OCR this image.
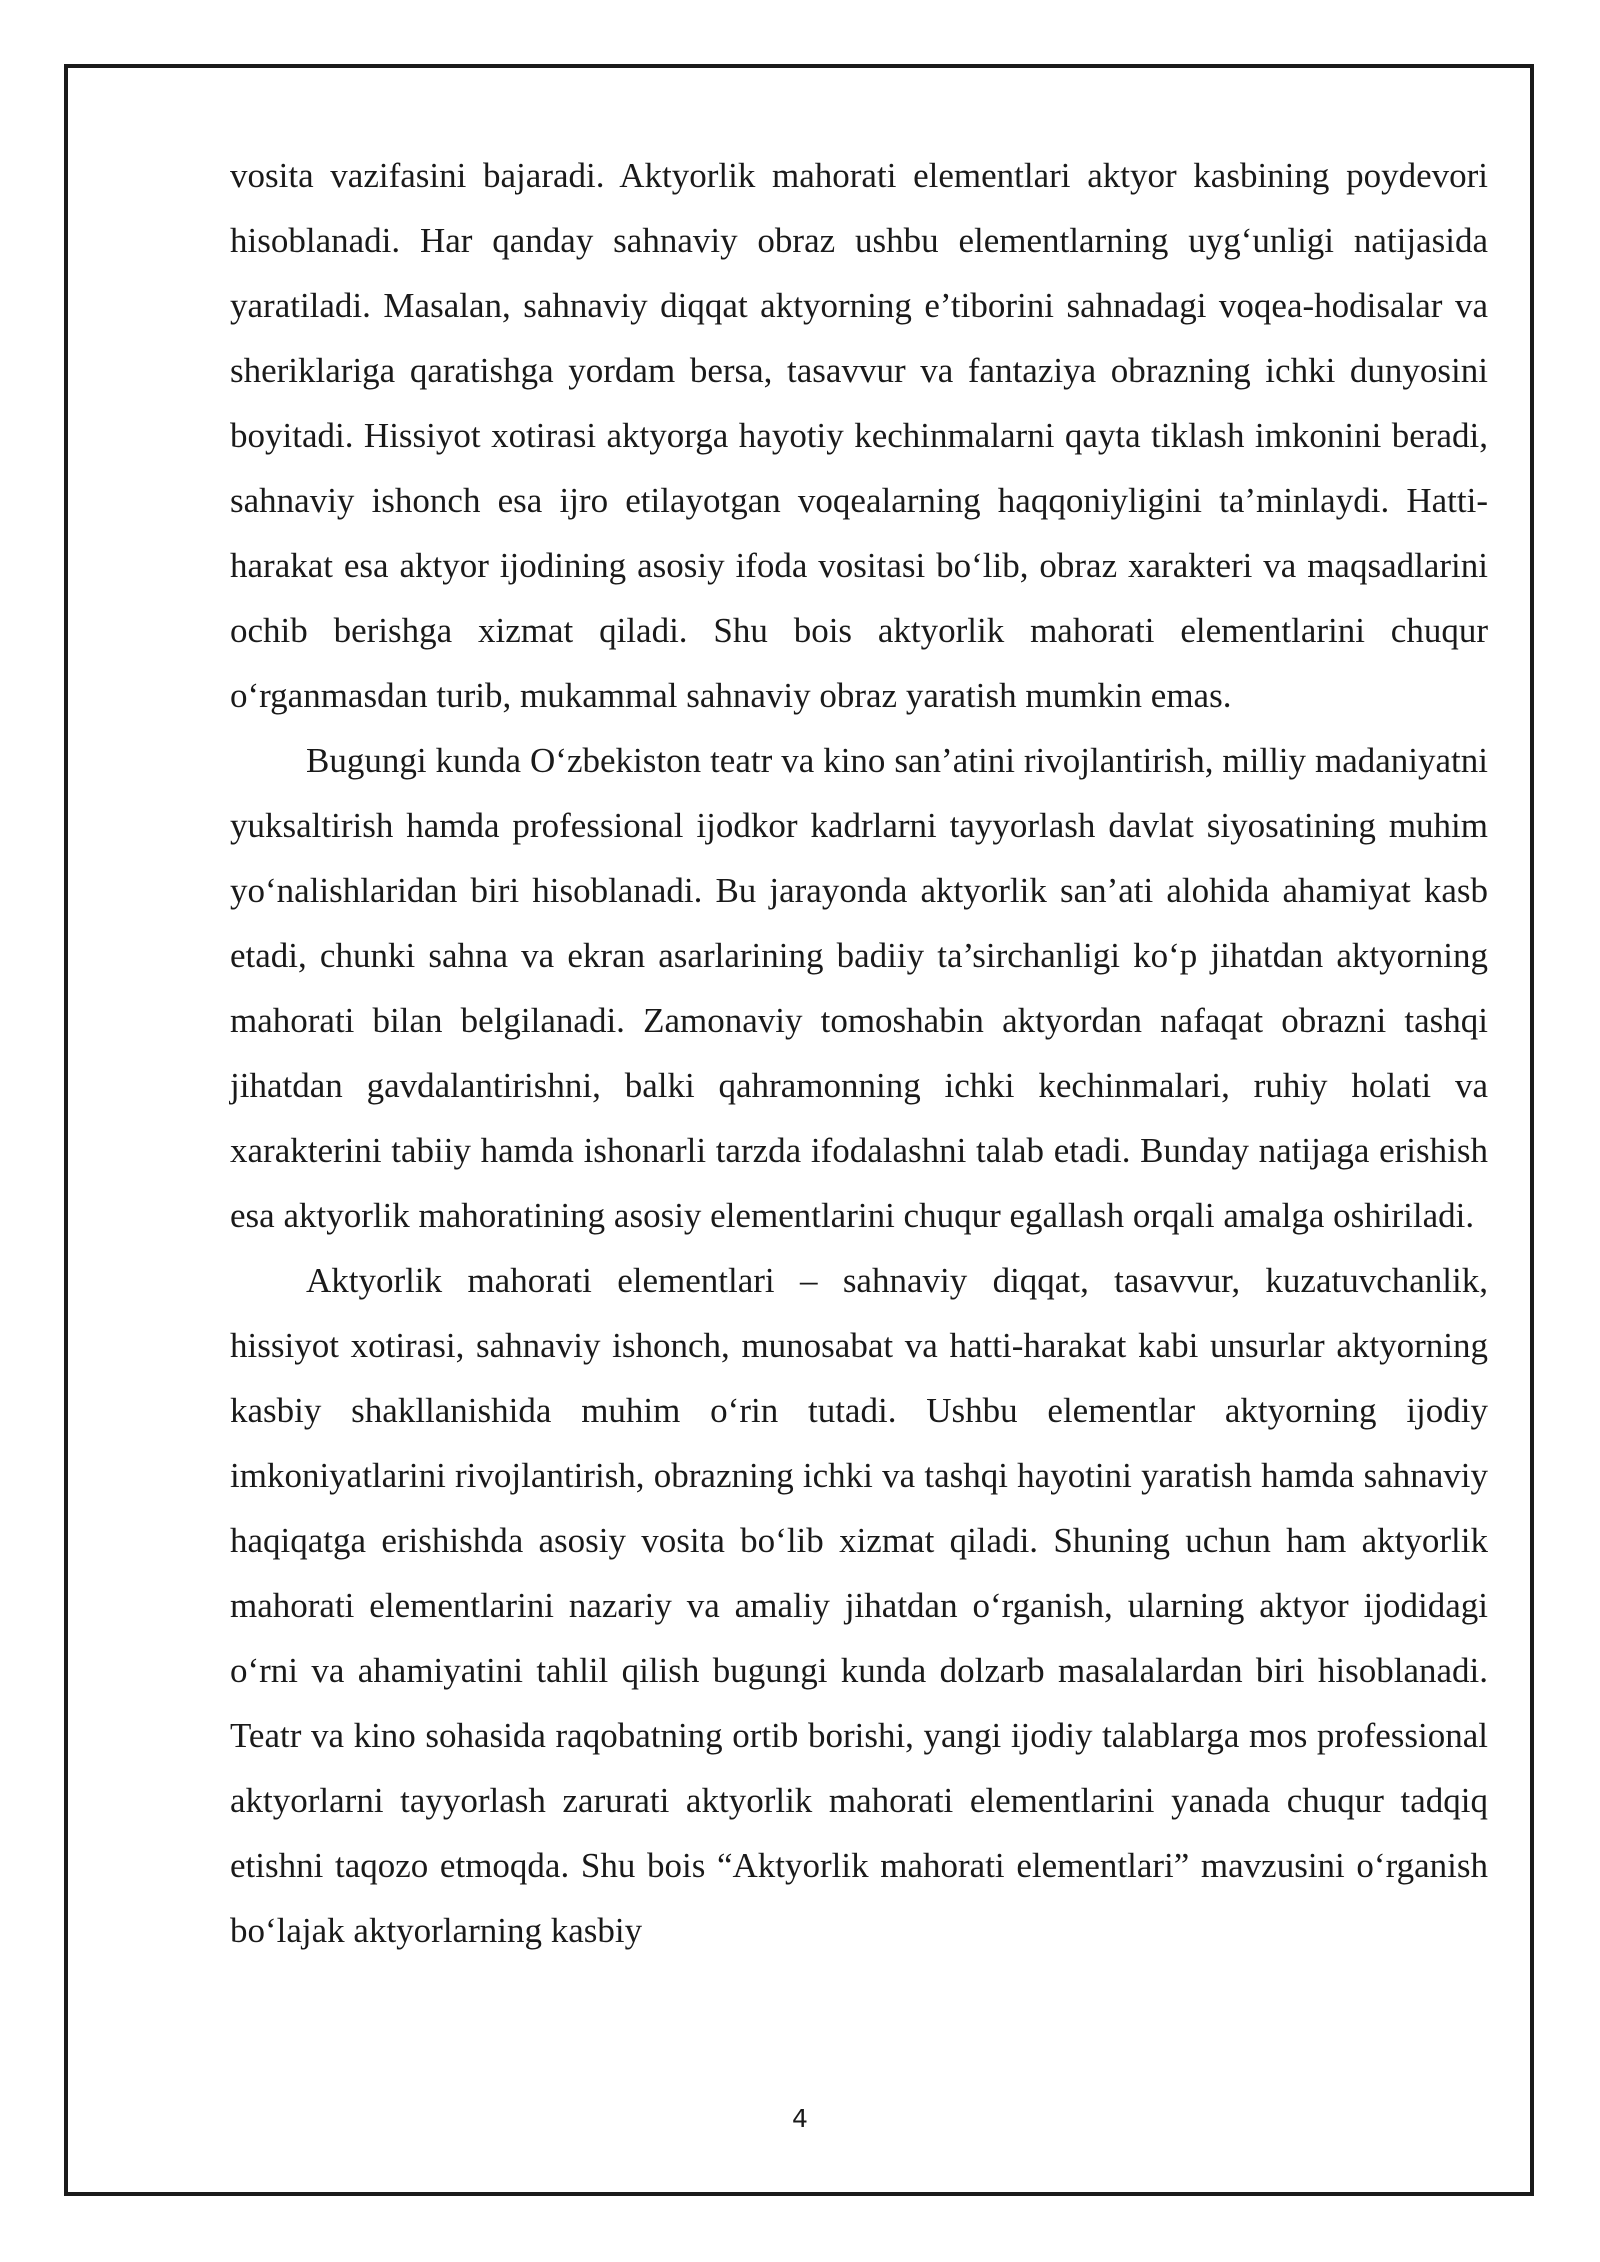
vosita vazifasini bajaradi. Aktyorlik mahorati elementlari aktyor kasbining poydevori hisoblanadi. Har qanday sahnaviy obraz ushbu elementlarning uyg‘unligi natijasida yaratiladi. Masalan, sahnaviy diqqat aktyorning e’tiborini sahnadagi voqea-hodisalar va sheriklariga qaratishga yordam bersa, tasavvur va fantaziya obrazning ichki dunyosini boyitadi. Hissiyot xotirasi aktyorga hayotiy kechinmalarni qayta tiklash imkonini beradi, sahnaviy ishonch esa ijro etilayotgan voqealarning haqqoniyligini ta’minlaydi. Hatti-harakat esa aktyor ijodining asosiy ifoda vositasi bo‘lib, obraz xarakteri va maqsadlarini ochib berishga xizmat qiladi. Shu bois aktyorlik mahorati elementlarini chuqur o‘rganmasdan turib, mukammal sahnaviy obraz yaratish mumkin emas.

Bugungi kunda O‘zbekiston teatr va kino san’atini rivojlantirish, milliy madaniyatni yuksaltirish hamda professional ijodkor kadrlarni tayyorlash davlat siyosatining muhim yo‘nalishlaridan biri hisoblanadi. Bu jarayonda aktyorlik san’ati alohida ahamiyat kasb etadi, chunki sahna va ekran asarlarining badiiy ta’sirchanligi ko‘p jihatdan aktyorning mahorati bilan belgilanadi. Zamonaviy tomoshabin aktyordan nafaqat obrazni tashqi jihatdan gavdalantirishni, balki qahramonning ichki kechinmalari, ruhiy holati va xarakterini tabiiy hamda ishonarli tarzda ifodalashni talab etadi. Bunday natijaga erishish esa aktyorlik mahoratining asosiy elementlarini chuqur egallash orqali amalga oshiriladi.

Aktyorlik mahorati elementlari – sahnaviy diqqat, tasavvur, kuzatuvchanlik, hissiyot xotirasi, sahnaviy ishonch, munosabat va hatti-harakat kabi unsurlar aktyorning kasbiy shakllanishida muhim o‘rin tutadi. Ushbu elementlar aktyorning ijodiy imkoniyatlarini rivojlantirish, obrazning ichki va tashqi hayotini yaratish hamda sahnaviy haqiqatga erishishda asosiy vosita bo‘lib xizmat qiladi. Shuning uchun ham aktyorlik mahorati elementlarini nazariy va amaliy jihatdan o‘rganish, ularning aktyor ijodidagi o‘rni va ahamiyatini tahlil qilish bugungi kunda dolzarb masalalardan biri hisoblanadi. Teatr va kino sohasida raqobatning ortib borishi, yangi ijodiy talablarga mos professional aktyorlarni tayyorlash zarurati aktyorlik mahorati elementlarini yanada chuqur tadqiq etishni taqozo etmoqda. Shu bois “Aktyorlik mahorati elementlari” mavzusini o‘rganish bo‘lajak aktyorlarning kasbiy

4
